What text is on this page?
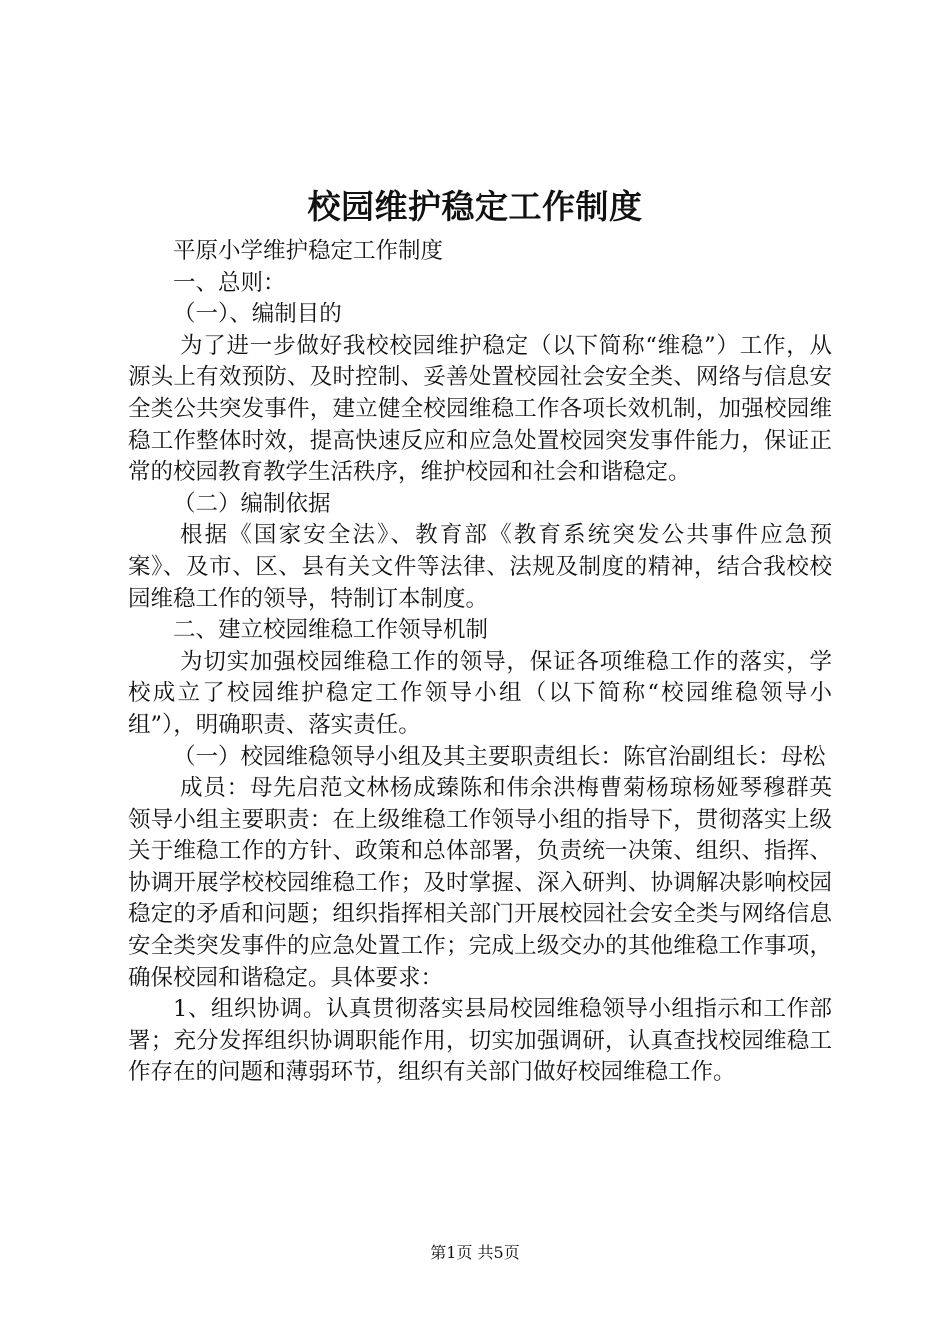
校园维护稳定工作制度

平原小学维护稳定工作制度

一、总则：

（一）、编制目的

为了进一步做好我校校园维护稳定（以下简称“维稳”）工作，从源头上有效预防、及时控制、妥善处置校园社会安全类、网络与信息安全类公共突发事件，建立健全校园维稳工作各项长效机制，加强校园维稳工作整体时效，提高快速反应和应急处置校园突发事件能力，保证正常的校园教育教学生活秩序，维护校园和社会和谐稳定。

（二）编制依据

根据《国家安全法》、教育部《教育系统突发公共事件应急预案》、及市、区、县有关文件等法律、法规及制度的精神，结合我校校园维稳工作的领导，特制订本制度。

二、建立校园维稳工作领导机制

为切实加强校园维稳工作的领导，保证各项维稳工作的落实，学校成立了校园维护稳定工作领导小组（以下简称“校园维稳领导小组”），明确职责、落实责任。

（一）校园维稳领导小组及其主要职责组长：陈官治副组长：母松

成员：母先启范文林杨成臻陈和伟余洪梅曹菊杨琼杨娅琴穆群英领导小组主要职责：在上级维稳工作领导小组的指导下，贯彻落实上级关于维稳工作的方针、政策和总体部署，负责统一决策、组织、指挥、协调开展学校校园维稳工作；及时掌握、深入研判、协调解决影响校园稳定的矛盾和问题；组织指挥相关部门开展校园社会安全类与网络信息安全类突发事件的应急处置工作；完成上级交办的其他维稳工作事项，确保校园和谐稳定。具体要求：

1、组织协调。认真贯彻落实县局校园维稳领导小组指示和工作部署；充分发挥组织协调职能作用，切实加强调研，认真查找校园维稳工作存在的问题和薄弱环节，组织有关部门做好校园维稳工作。

第1页 共5页
